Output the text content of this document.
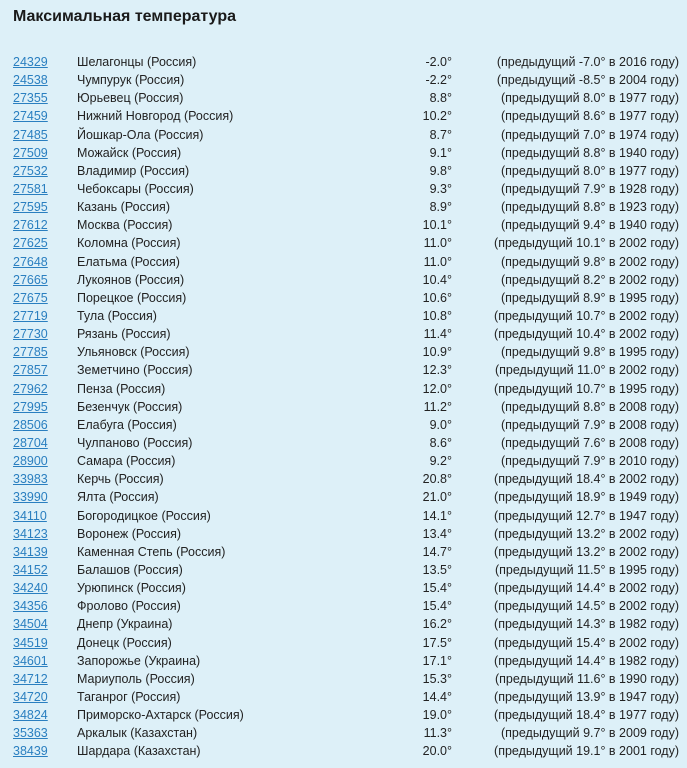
Максимальная температура
24329 Шелагонцы (Россия)	-2.0°	(предыдущий -7.0° в 2016 году)
24538 Чумпурук (Россия)	-2.2°	(предыдущий -8.5° в 2004 году)
27355 Юрьевец (Россия)	8.8°	(предыдущий 8.0° в 1977 году)
27459 Нижний Новгород (Россия)	10.2°	(предыдущий 8.6° в 1977 году)
27485 Йошкар-Ола (Россия)	8.7°	(предыдущий 7.0° в 1974 году)
27509 Можайск (Россия)	9.1°	(предыдущий 8.8° в 1940 году)
27532 Владимир (Россия)	9.8°	(предыдущий 8.0° в 1977 году)
27581 Чебоксары (Россия)	9.3°	(предыдущий 7.9° в 1928 году)
27595 Казань (Россия)	8.9°	(предыдущий 8.8° в 1923 году)
27612 Москва (Россия)	10.1°	(предыдущий 9.4° в 1940 году)
27625 Коломна (Россия)	11.0°	(предыдущий 10.1° в 2002 году)
27648 Елатьма (Россия)	11.0°	(предыдущий 9.8° в 2002 году)
27665 Лукоянов (Россия)	10.4°	(предыдущий 8.2° в 2002 году)
27675 Порецкое (Россия)	10.6°	(предыдущий 8.9° в 1995 году)
27719 Тула (Россия)	10.8°	(предыдущий 10.7° в 2002 году)
27730 Рязань (Россия)	11.4°	(предыдущий 10.4° в 2002 году)
27785 Ульяновск (Россия)	10.9°	(предыдущий 9.8° в 1995 году)
27857 Земетчино (Россия)	12.3°	(предыдущий 11.0° в 2002 году)
27962 Пенза (Россия)	12.0°	(предыдущий 10.7° в 1995 году)
27995 Безенчук (Россия)	11.2°	(предыдущий 8.8° в 2008 году)
28506 Елабуга (Россия)	9.0°	(предыдущий 7.9° в 2008 году)
28704 Чулпаново (Россия)	8.6°	(предыдущий 7.6° в 2008 году)
28900 Самара (Россия)	9.2°	(предыдущий 7.9° в 2010 году)
33983 Керчь (Россия)	20.8°	(предыдущий 18.4° в 2002 году)
33990 Ялта (Россия)	21.0°	(предыдущий 18.9° в 1949 году)
34110 Богородицкое (Россия)	14.1°	(предыдущий 12.7° в 1947 году)
34123 Воронеж (Россия)	13.4°	(предыдущий 13.2° в 2002 году)
34139 Каменная Степь (Россия)	14.7°	(предыдущий 13.2° в 2002 году)
34152 Балашов (Россия)	13.5°	(предыдущий 11.5° в 1995 году)
34240 Урюпинск (Россия)	15.4°	(предыдущий 14.4° в 2002 году)
34356 Фролово (Россия)	15.4°	(предыдущий 14.5° в 2002 году)
34504 Днепр (Украина)	16.2°	(предыдущий 14.3° в 1982 году)
34519 Донецк (Россия)	17.5°	(предыдущий 15.4° в 2002 году)
34601 Запорожье (Украина)	17.1°	(предыдущий 14.4° в 1982 году)
34712 Мариуполь (Россия)	15.3°	(предыдущий 11.6° в 1990 году)
34720 Таганрог (Россия)	14.4°	(предыдущий 13.9° в 1947 году)
34824 Приморско-Ахтарск (Россия)	19.0°	(предыдущий 18.4° в 1977 году)
35363 Аркалык (Казахстан)	11.3°	(предыдущий 9.7° в 2009 году)
38439 Шардара (Казахстан)	20.0°	(предыдущий 19.1° в 2001 году)
